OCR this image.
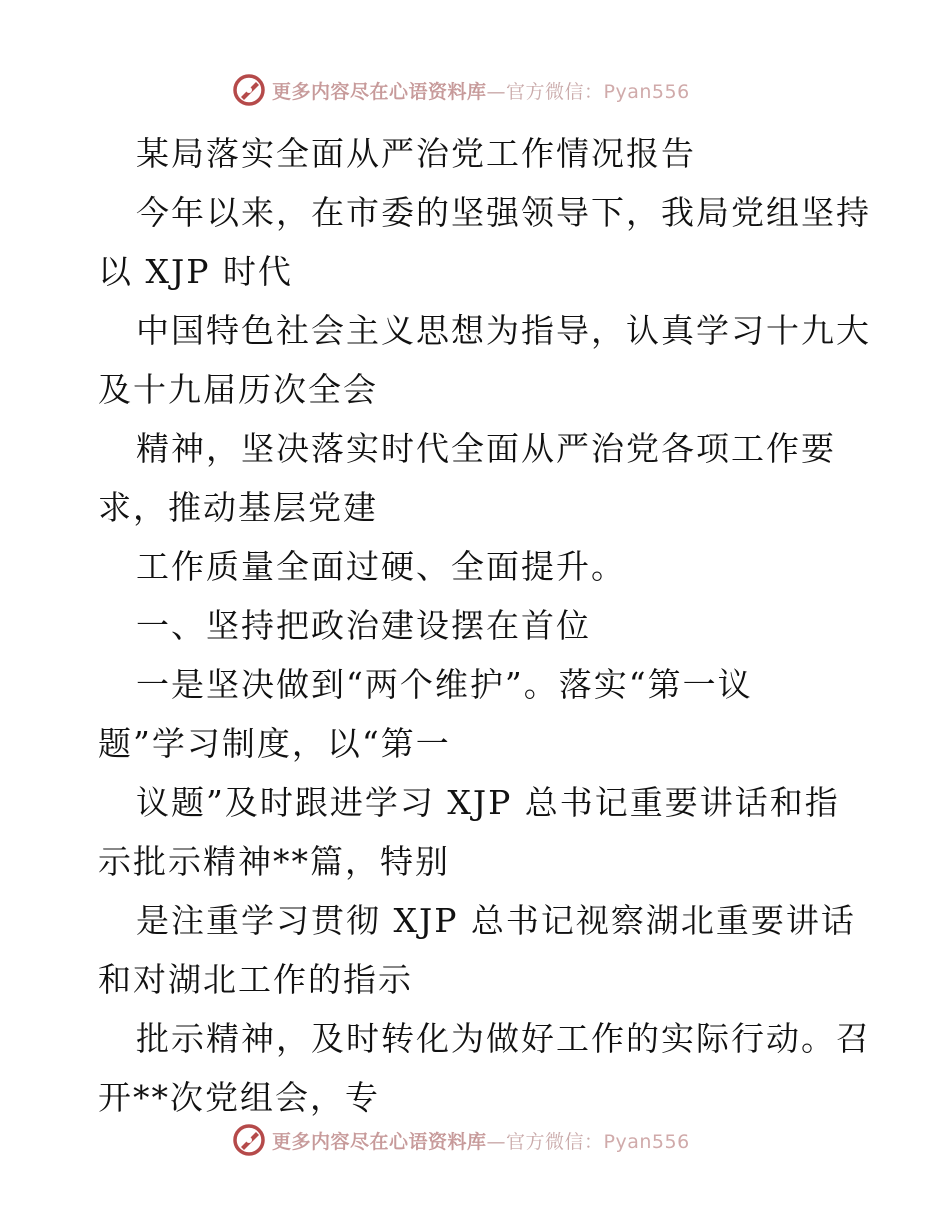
更多内容尽在心语资料库—官方微信：Pyan556
某局落实全面从严治党工作情况报告
今年以来，在市委的坚强领导下，我局党组坚持
以 XJP 时代
中国特色社会主义思想为指导，认真学习十九大
及十九届历次全会
精神，坚决落实时代全面从严治党各项工作要
求，推动基层党建
工作质量全面过硬、全面提升。
一、坚持把政治建设摆在首位
一是坚决做到“两个维护”。落实“第一议
题”学习制度，以“第一
议题”及时跟进学习 XJP 总书记重要讲话和指
示批示精神**篇，特别
是注重学习贯彻 XJP 总书记视察湖北重要讲话
和对湖北工作的指示
批示精神，及时转化为做好工作的实际行动。召
开**次党组会，专
更多内容尽在心语资料库—官方微信：Pyan556
